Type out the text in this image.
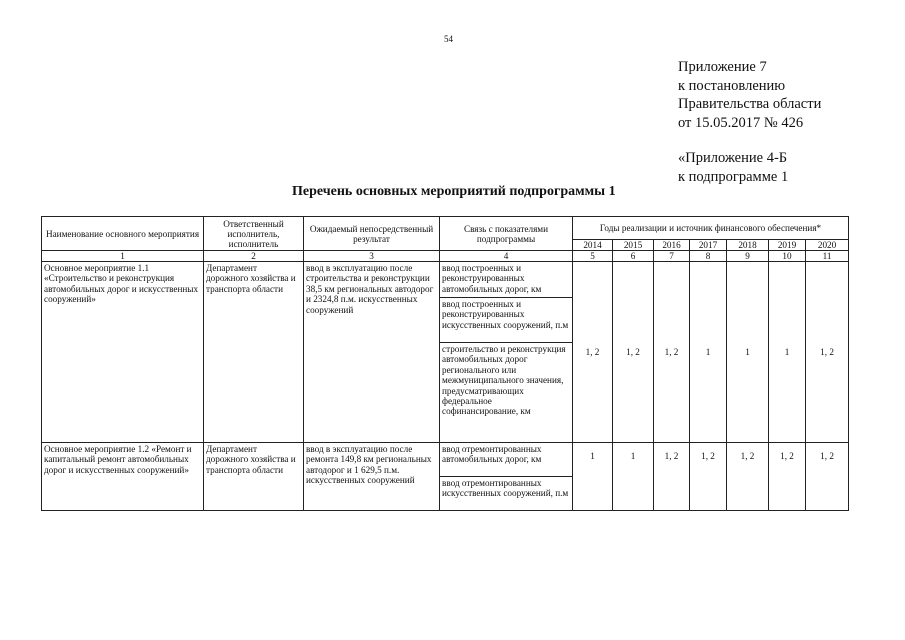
54
Приложение 7
к постановлению
Правительства области
от 15.05.2017 № 426
«Приложение 4-Б
к подпрограмме 1
Перечень основных мероприятий подпрограммы 1
Наименование основного мероприятия	Ответственный исполнитель, исполнитель	Ожидаемый непосредственный результат	Связь с показателями подпрограммы	Годы реализации и источник финансового обеспечения*						
				2014	2015	2016	2017	2018	2019	2020
1	2	3	4	5	6	7	8	9	10	11
Основное мероприятие 1.1 «Строительство и реконструкция автомобильных дорог и искусственных сооружений»	Департамент дорожного хозяйства и транспорта области	ввод в эксплуатацию после строительства и реконструкции 38,5 км региональных автодорог и 2324,8 п.м. искусственных сооружений	ввод построенных и реконструированных автомобильных дорог, км	1, 2	1, 2	1, 2	1	1	1	1, 2
			ввод построенных и реконструированных искусственных сооружений, п.м							
			строительство и реконструкция автомобильных дорог регионального или межмуниципального значения, предусматривающих федеральное софинансирование, км							
Основное мероприятие 1.2 «Ремонт и капитальный ремонт автомобильных дорог и искусственных сооружений»	Департамент дорожного хозяйства и транспорта области	ввод в эксплуатацию после ремонта 149,8 км региональных автодорог и 1 629,5 п.м. искусственных сооружений	ввод отремонтированных автомобильных дорог, км	1	1	1, 2	1, 2	1, 2	1, 2	1, 2
			ввод отремонтированных искусственных сооружений, п.м							
